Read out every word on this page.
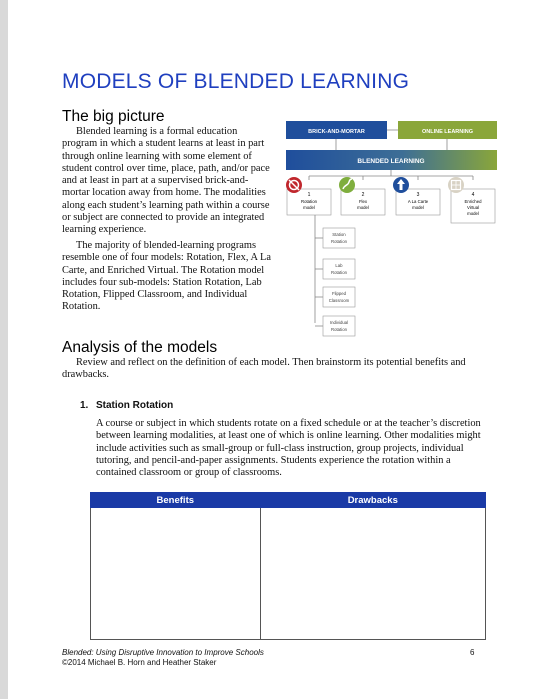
MODELS OF BLENDED LEARNING
The big picture

Blended learning is a formal education program in which a student learns at least in part through online learning with some element of student control over time, place, path, and/or pace and at least in part at a supervised brick-and-mortar location away from home. The modalities along each student’s learning path within a course or subject are connected to provide an integrated learning experience.

The majority of blended-learning programs resemble one of four models: Rotation, Flex, A La Carte, and Enriched Virtual. The Rotation model includes four sub-models: Station Rotation, Lab Rotation, Flipped Classroom, and Individual Rotation.

BRICK-AND-MORTAR	ONLINE LEARNING
BLENDED LEARNING
1
Rotation
model
2
Flex
model
3
A La Carte
model
4
Enriched
Virtual
model
Station
Rotation
Lab
Rotation
Flipped
Classroom
Individual
Rotation
Analysis of the models

Review and reflect on the definition of each model. Then brainstorm its potential benefits and drawbacks.

1. Station Rotation

A course or subject in which students rotate on a fixed schedule or at the teacher’s discretion between learning modalities, at least one of which is online learning. Other modalities might include activities such as small-group or full-class instruction, group projects, individual tutoring, and pencil-and-paper assignments. Students experience the rotation within a contained classroom or group of classrooms.

Benefits	Drawbacks

Blended: Using Disruptive Innovation to Improve Schools
©2014 Michael B. Horn and Heather Staker
6
